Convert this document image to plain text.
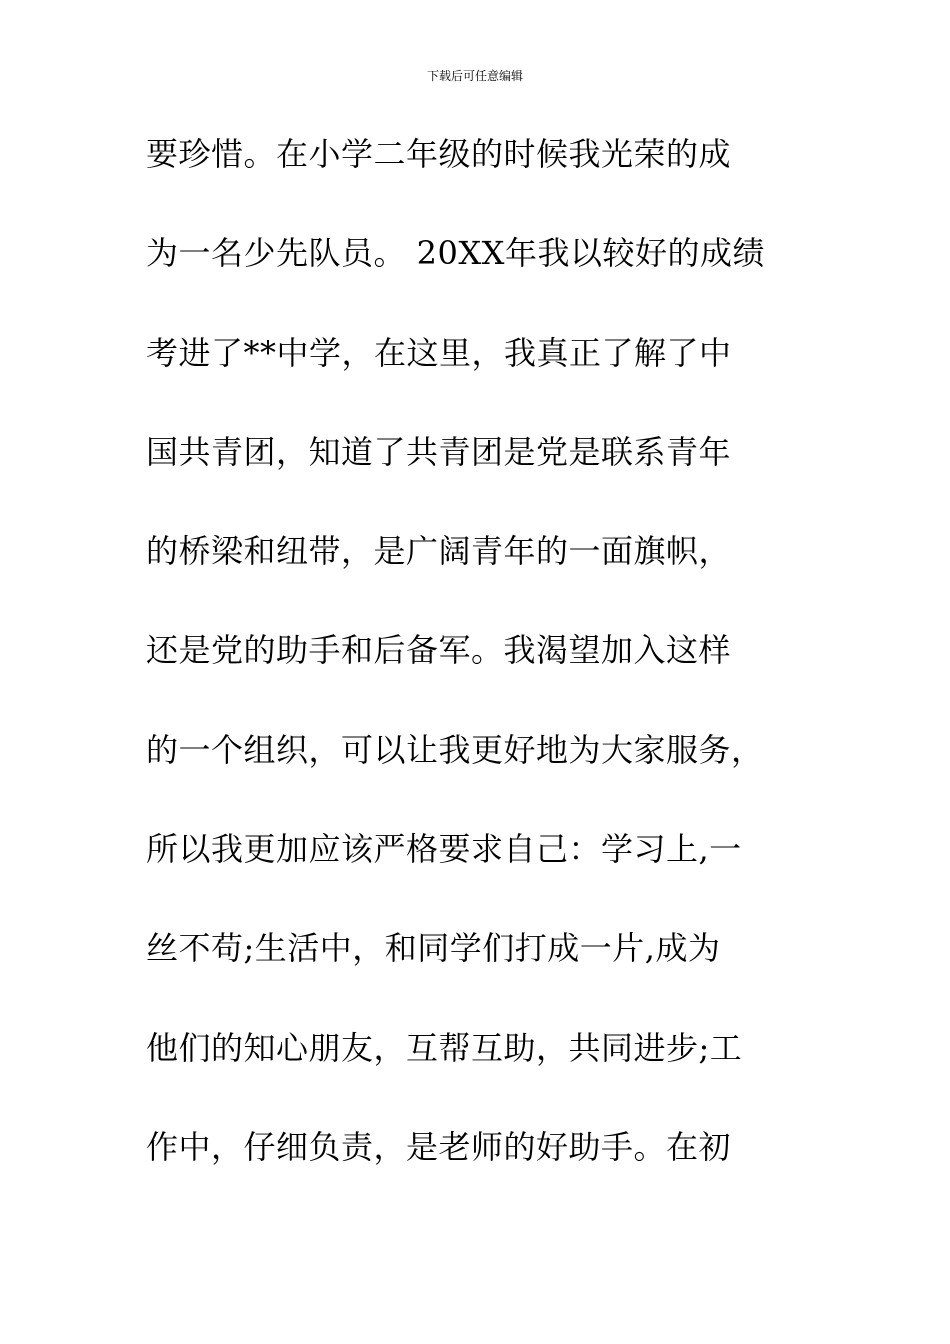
下载后可任意编辑
要珍惜。在小学二年级的时候我光荣的成
为一名少先队员。 20XX年我以较好的成绩
考进了**中学，在这里，我真正了解了中
国共青团，知道了共青团是党是联系青年
的桥梁和纽带，是广阔青年的一面旗帜，
还是党的助手和后备军。我渴望加入这样
的一个组织，可以让我更好地为大家服务，
所以我更加应该严格要求自己：学习上,一
丝不苟;生活中，和同学们打成一片,成为
他们的知心朋友，互帮互助，共同进步;工
作中，仔细负责，是老师的好助手。在初
